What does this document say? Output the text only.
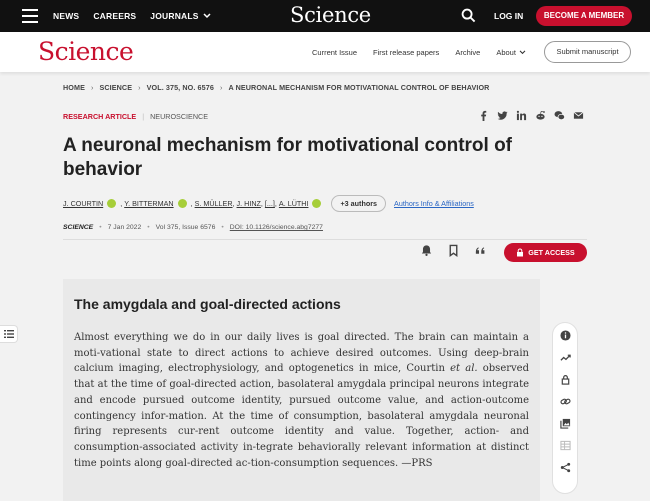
NEWS CAREERS JOURNALS	Science	LOG IN	BECOME A MEMBER
Science	Current Issue First release papers Archive About	Submit manuscript
HOME › SCIENCE › VOL. 375, NO. 6576 › A NEURONAL MECHANISM FOR MOTIVATIONAL CONTROL OF BEHAVIOR
RESEARCH ARTICLE | NEUROSCIENCE
A neuronal mechanism for motivational control of behavior
J. COURTIN , Y. BITTERMAN , S. MÜLLER , J. HINZ , [...] , A. LÜTHI	+3 authors	Authors Info & Affiliations
SCIENCE • 7 Jan 2022 • Vol 375, Issue 6576 • DOI: 10.1126/science.abg7277
GET ACCESS
The amygdala and goal-directed actions

Almost everything we do in our daily lives is goal directed. The brain can maintain a moti-vational state to direct actions to achieve desired outcomes. Using deep-brain calcium imaging, electrophysiology, and optogenetics in mice, Courtin et al. observed that at the time of goal-directed action, basolateral amygdala principal neurons integrate and encode pursued outcome identity, pursued outcome value, and action-outcome contingency infor-mation. At the time of consumption, basolateral amygdala neuronal firing represents cur-rent outcome identity and value. Together, action- and consumption-associated activity in-tegrate behaviorally relevant information at distinct time points along goal-directed ac-tion-consumption sequences. —PRS
